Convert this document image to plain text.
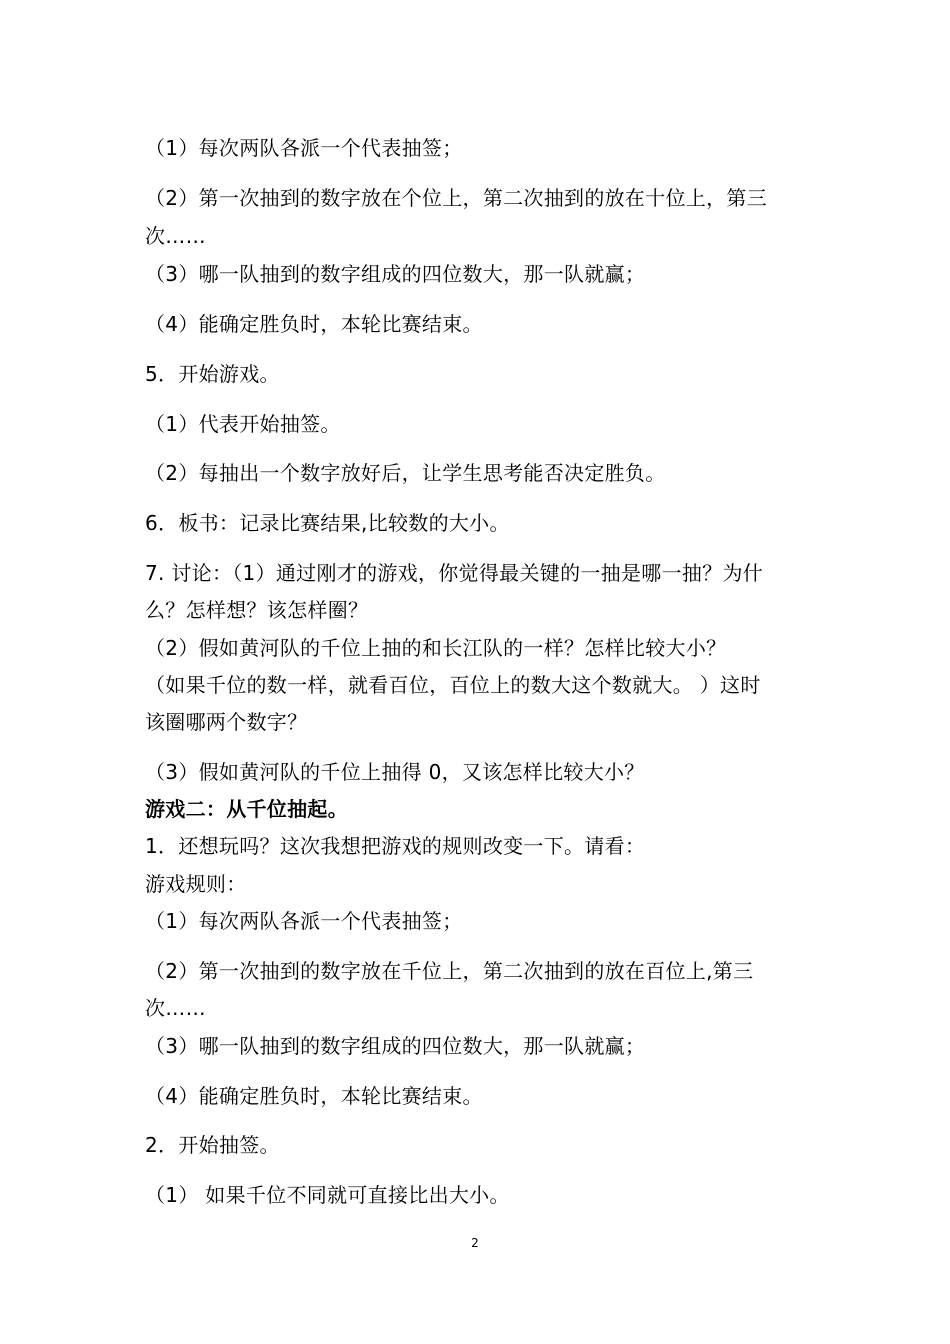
（1）每次两队各派一个代表抽签；
（2）第一次抽到的数字放在个位上，第二次抽到的放在十位上，第三
次……
（3）哪一队抽到的数字组成的四位数大，那一队就赢；
（4）能确定胜负时，本轮比赛结束。
5．开始游戏。
（1）代表开始抽签。
（2）每抽出一个数字放好后，让学生思考能否决定胜负。
6．板书：记录比赛结果,比较数的大小。
7. 讨论：（1）通过刚才的游戏，你觉得最关键的一抽是哪一抽？为什
么？怎样想？该怎样圈？
（2）假如黄河队的千位上抽的和长江队的一样？怎样比较大小？
（如果千位的数一样，就看百位，百位上的数大这个数就大。 ）这时
该圈哪两个数字？
（3）假如黄河队的千位上抽得 0，又该怎样比较大小？
游戏二：从千位抽起。
1．还想玩吗？这次我想把游戏的规则改变一下。请看：
游戏规则：
（1）每次两队各派一个代表抽签；
（2）第一次抽到的数字放在千位上，第二次抽到的放在百位上,第三
次……
（3）哪一队抽到的数字组成的四位数大，那一队就赢；
（4）能确定胜负时，本轮比赛结束。
2．开始抽签。
（1） 如果千位不同就可直接比出大小。
2
